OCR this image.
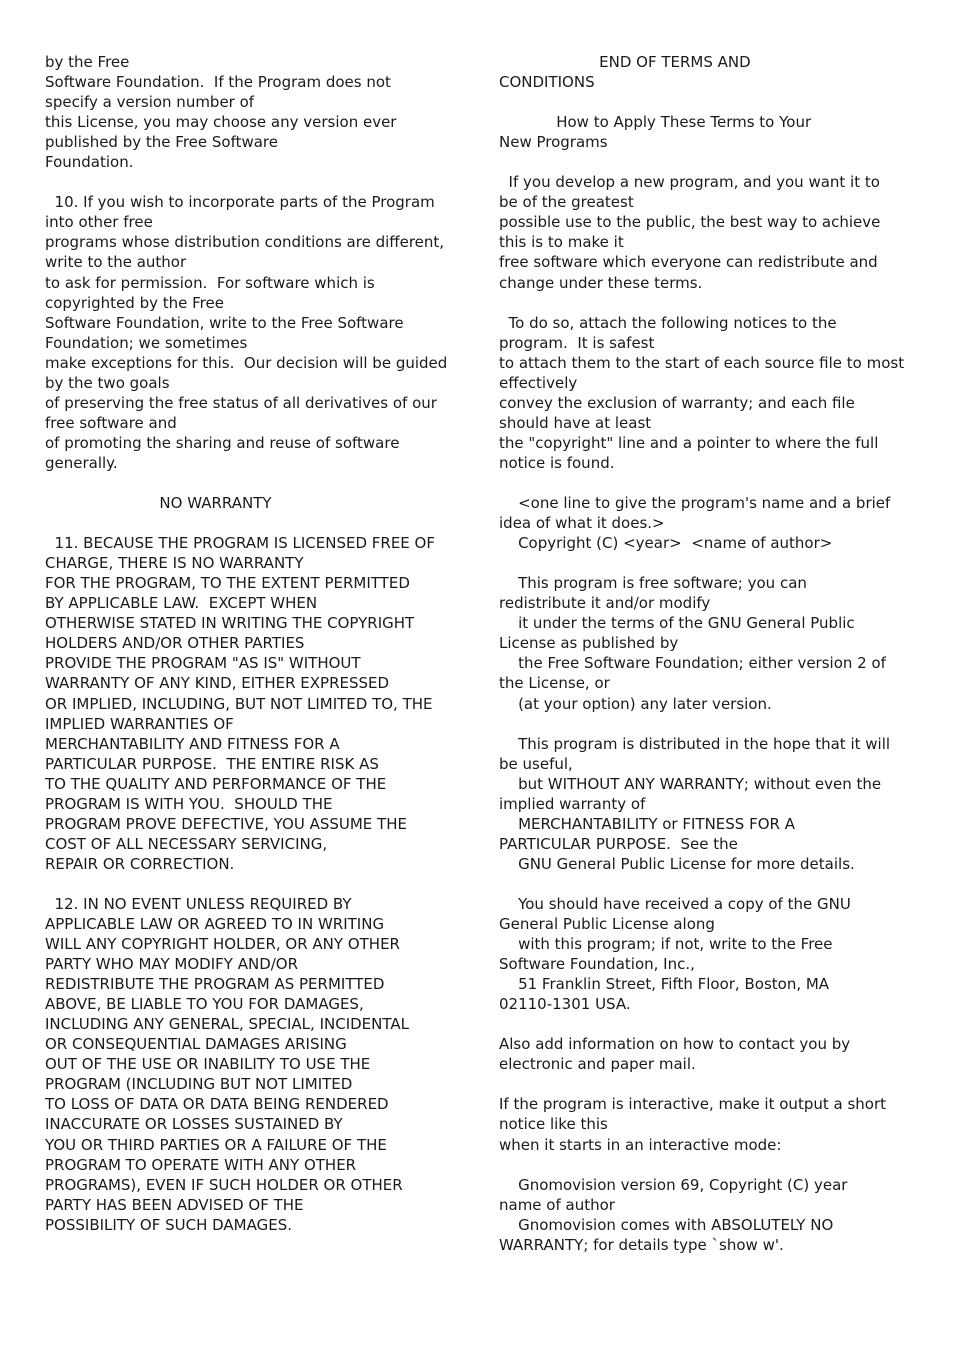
by the Free
Software Foundation.  If the Program does not
specify a version number of
this License, you may choose any version ever
published by the Free Software
Foundation.
10. If you wish to incorporate parts of the Program
into other free
programs whose distribution conditions are different,
write to the author
to ask for permission.  For software which is
copyrighted by the Free
Software Foundation, write to the Free Software
Foundation; we sometimes
make exceptions for this.  Our decision will be guided
by the two goals
of preserving the free status of all derivatives of our
free software and
of promoting the sharing and reuse of software
generally.
NO WARRANTY
11. BECAUSE THE PROGRAM IS LICENSED FREE OF
CHARGE, THERE IS NO WARRANTY
FOR THE PROGRAM, TO THE EXTENT PERMITTED
BY APPLICABLE LAW.  EXCEPT WHEN
OTHERWISE STATED IN WRITING THE COPYRIGHT
HOLDERS AND/OR OTHER PARTIES
PROVIDE THE PROGRAM "AS IS" WITHOUT
WARRANTY OF ANY KIND, EITHER EXPRESSED
OR IMPLIED, INCLUDING, BUT NOT LIMITED TO, THE
IMPLIED WARRANTIES OF
MERCHANTABILITY AND FITNESS FOR A
PARTICULAR PURPOSE.  THE ENTIRE RISK AS
TO THE QUALITY AND PERFORMANCE OF THE
PROGRAM IS WITH YOU.  SHOULD THE
PROGRAM PROVE DEFECTIVE, YOU ASSUME THE
COST OF ALL NECESSARY SERVICING,
REPAIR OR CORRECTION.
12. IN NO EVENT UNLESS REQUIRED BY
APPLICABLE LAW OR AGREED TO IN WRITING
WILL ANY COPYRIGHT HOLDER, OR ANY OTHER
PARTY WHO MAY MODIFY AND/OR
REDISTRIBUTE THE PROGRAM AS PERMITTED
ABOVE, BE LIABLE TO YOU FOR DAMAGES,
INCLUDING ANY GENERAL, SPECIAL, INCIDENTAL
OR CONSEQUENTIAL DAMAGES ARISING
OUT OF THE USE OR INABILITY TO USE THE
PROGRAM (INCLUDING BUT NOT LIMITED
TO LOSS OF DATA OR DATA BEING RENDERED
INACCURATE OR LOSSES SUSTAINED BY
YOU OR THIRD PARTIES OR A FAILURE OF THE
PROGRAM TO OPERATE WITH ANY OTHER
PROGRAMS), EVEN IF SUCH HOLDER OR OTHER
PARTY HAS BEEN ADVISED OF THE
POSSIBILITY OF SUCH DAMAGES.
END OF TERMS AND
CONDITIONS
How to Apply These Terms to Your
New Programs
If you develop a new program, and you want it to
be of the greatest
possible use to the public, the best way to achieve
this is to make it
free software which everyone can redistribute and
change under these terms.
To do so, attach the following notices to the
program.  It is safest
to attach them to the start of each source file to most
effectively
convey the exclusion of warranty; and each file
should have at least
the "copyright" line and a pointer to where the full
notice is found.
<one line to give the program's name and a brief
idea of what it does.>
Copyright (C) <year>  <name of author>
This program is free software; you can
redistribute it and/or modify
it under the terms of the GNU General Public
License as published by
the Free Software Foundation; either version 2 of
the License, or
(at your option) any later version.
This program is distributed in the hope that it will
be useful,
but WITHOUT ANY WARRANTY; without even the
implied warranty of
MERCHANTABILITY or FITNESS FOR A
PARTICULAR PURPOSE.  See the
GNU General Public License for more details.
You should have received a copy of the GNU
General Public License along
with this program; if not, write to the Free
Software Foundation, Inc.,
51 Franklin Street, Fifth Floor, Boston, MA
02110-1301 USA.
Also add information on how to contact you by
electronic and paper mail.
If the program is interactive, make it output a short
notice like this
when it starts in an interactive mode:
Gnomovision version 69, Copyright (C) year
name of author
Gnomovision comes with ABSOLUTELY NO
WARRANTY; for details type `show w'.
